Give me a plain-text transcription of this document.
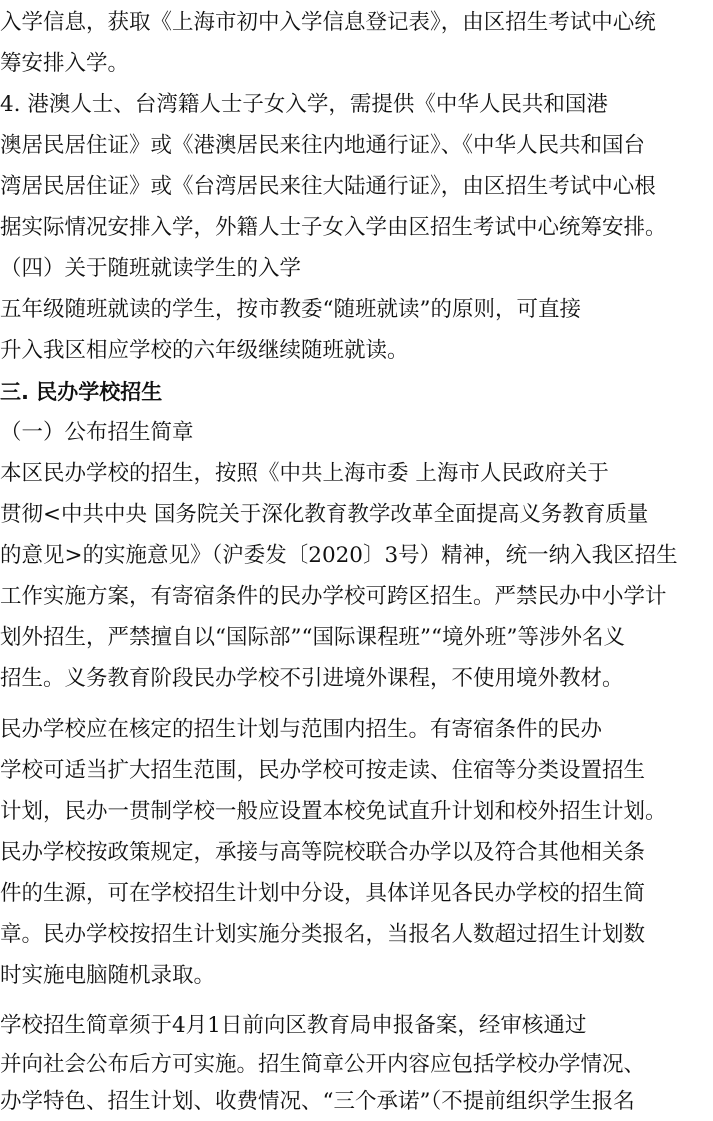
入学信息，获取《上海市初中入学信息登记表》，由区招生考试中心统
筹安排入学。
4. 港澳人士、台湾籍人士子女入学，需提供《中华人民共和国港
澳居民居住证》或《港澳居民来往内地通行证》、《中华人民共和国台
湾居民居住证》或《台湾居民来往大陆通行证》，由区招生考试中心根
据实际情况安排入学，外籍人士子女入学由区招生考试中心统筹安排。
（四）关于随班就读学生的入学
五年级随班就读的学生，按市教委“随班就读”的原则，可直接
升入我区相应学校的六年级继续随班就读。
三. 民办学校招生
（一）公布招生简章
本区民办学校的招生，按照《中共上海市委 上海市人民政府关于
贯彻<中共中央 国务院关于深化教育教学改革全面提高义务教育质量
的意见>的实施意见》（沪委发〔2020〕3号）精神，统一纳入我区招生
工作实施方案，有寄宿条件的民办学校可跨区招生。严禁民办中小学计
划外招生，严禁擅自以“国际部”“国际课程班”“境外班”等涉外名义
招生。义务教育阶段民办学校不引进境外课程，不使用境外教材。
民办学校应在核定的招生计划与范围内招生。有寄宿条件的民办
学校可适当扩大招生范围，民办学校可按走读、住宿等分类设置招生
计划，民办一贯制学校一般应设置本校免试直升计划和校外招生计划。
民办学校按政策规定，承接与高等院校联合办学以及符合其他相关条
件的生源，可在学校招生计划中分设，具体详见各民办学校的招生简
章。民办学校按招生计划实施分类报名，当报名人数超过招生计划数
时实施电脑随机录取。
学校招生简章须于4月1日前向区教育局申报备案，经审核通过
并向社会公布后方可实施。招生简章公开内容应包括学校办学情况、
办学特色、招生计划、收费情况、“三个承诺”（不提前组织学生报名
